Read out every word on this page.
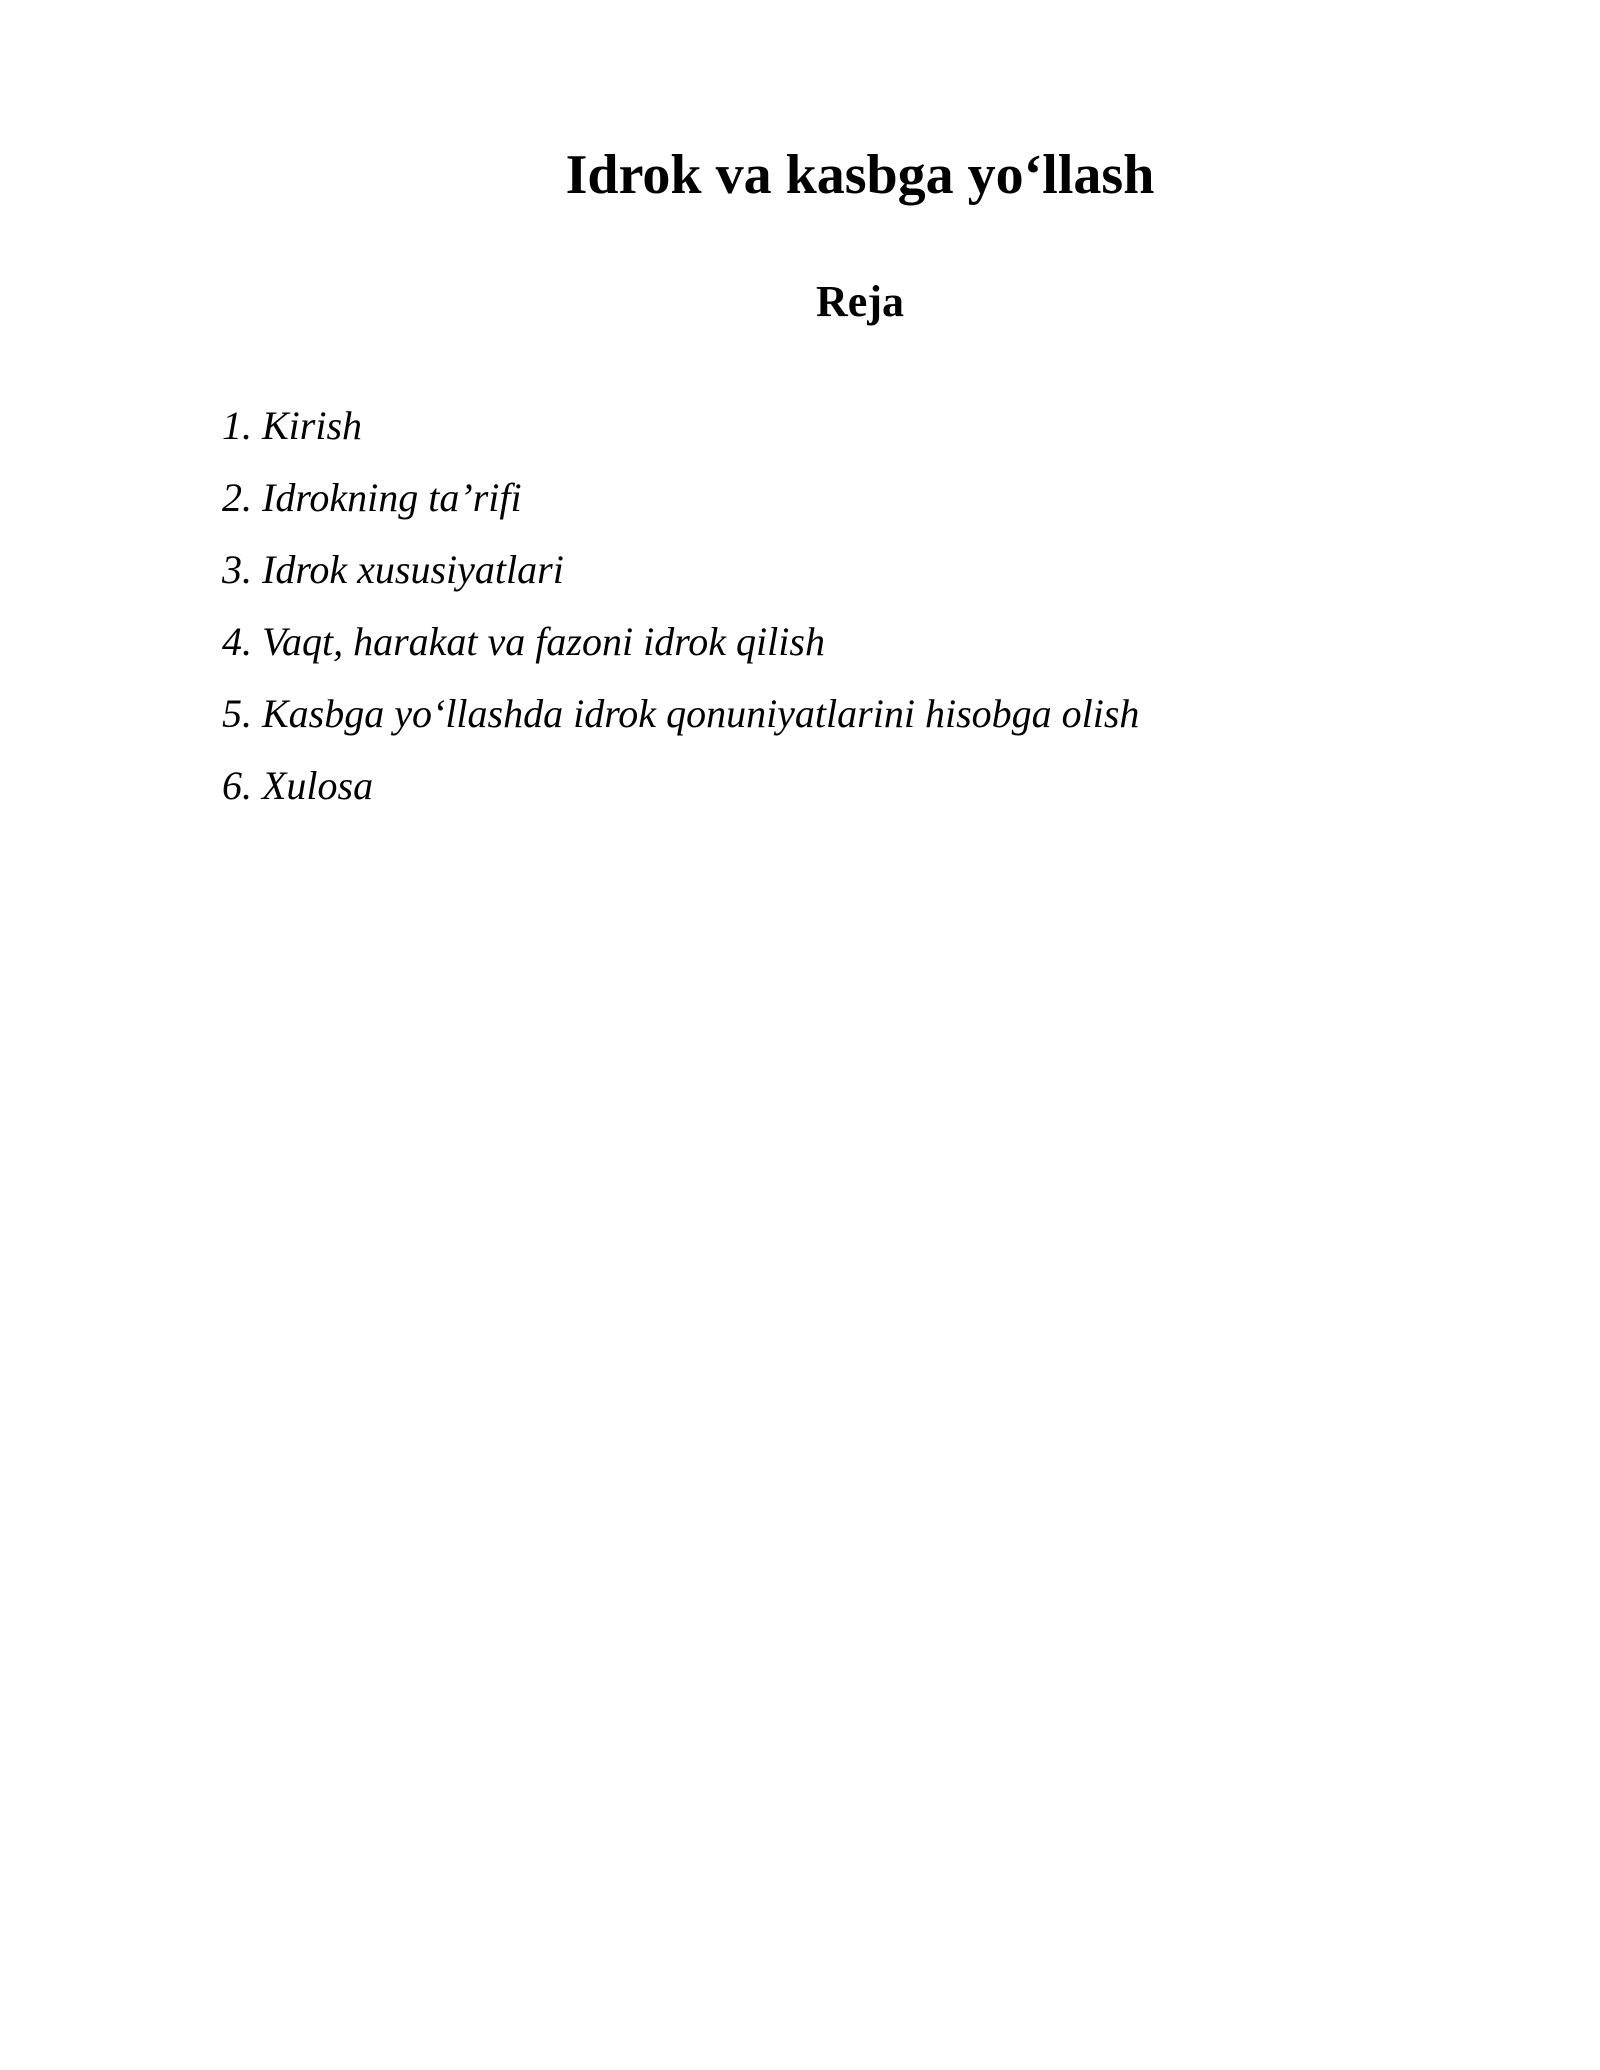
Idrok va kasbga yo‘llash
Reja
1. Kirish
2. Idrokning ta’rifi
3. Idrok xususiyatlari
4. Vaqt, harakat va fazoni idrok qilish
5. Kasbga yo‘llashda idrok qonuniyatlarini hisobga olish
6. Xulosa
